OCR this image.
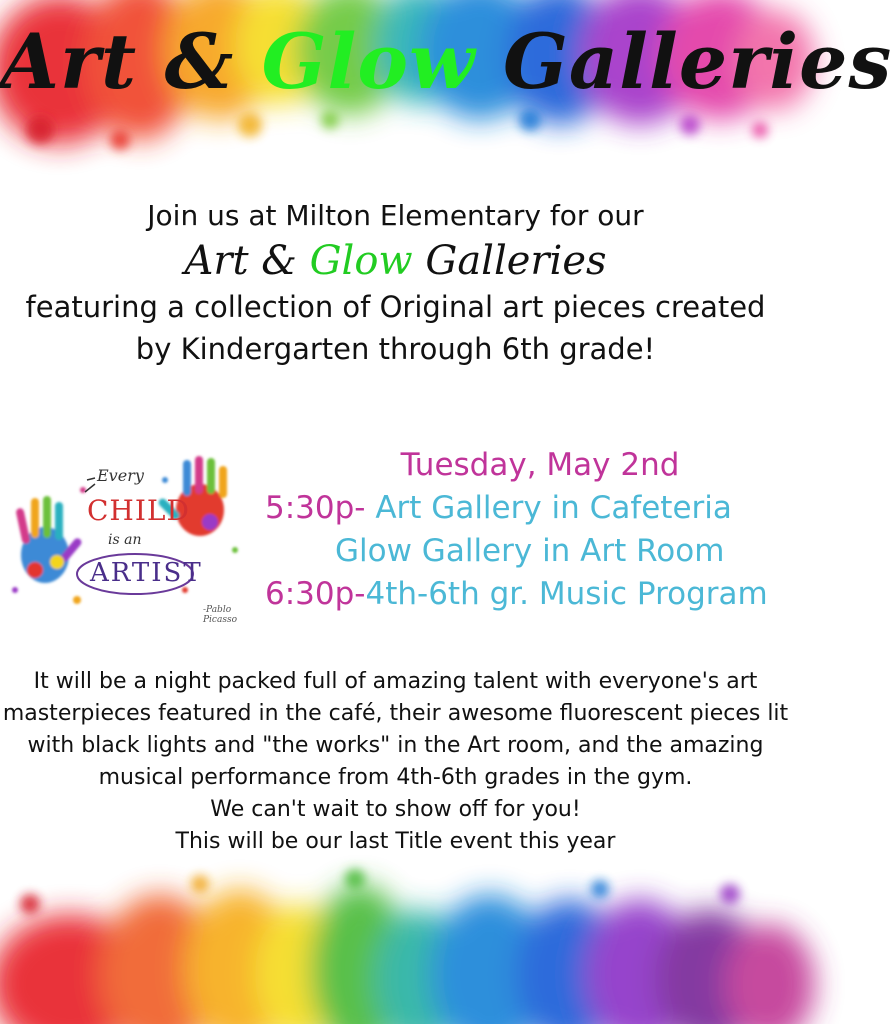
Art & Glow Galleries
Join us at Milton Elementary for our
Art & Glow Galleries
featuring a collection of Original art pieces created
by Kindergarten through 6th grade!
Every
CHILD
is an
ARTIST
-Pablo Picasso
Tuesday, May 2nd
5:30p- Art Gallery in Cafeteria
Glow Gallery in Art Room
6:30p-4th-6th gr. Music Program
It will be a night packed full of amazing talent with everyone's art
masterpieces featured in the café, their awesome fluorescent pieces lit
with black lights and "the works" in the Art room, and the amazing
musical performance from 4th-6th grades in the gym.
We can't wait to show off for you!
This will be our last Title event this year
